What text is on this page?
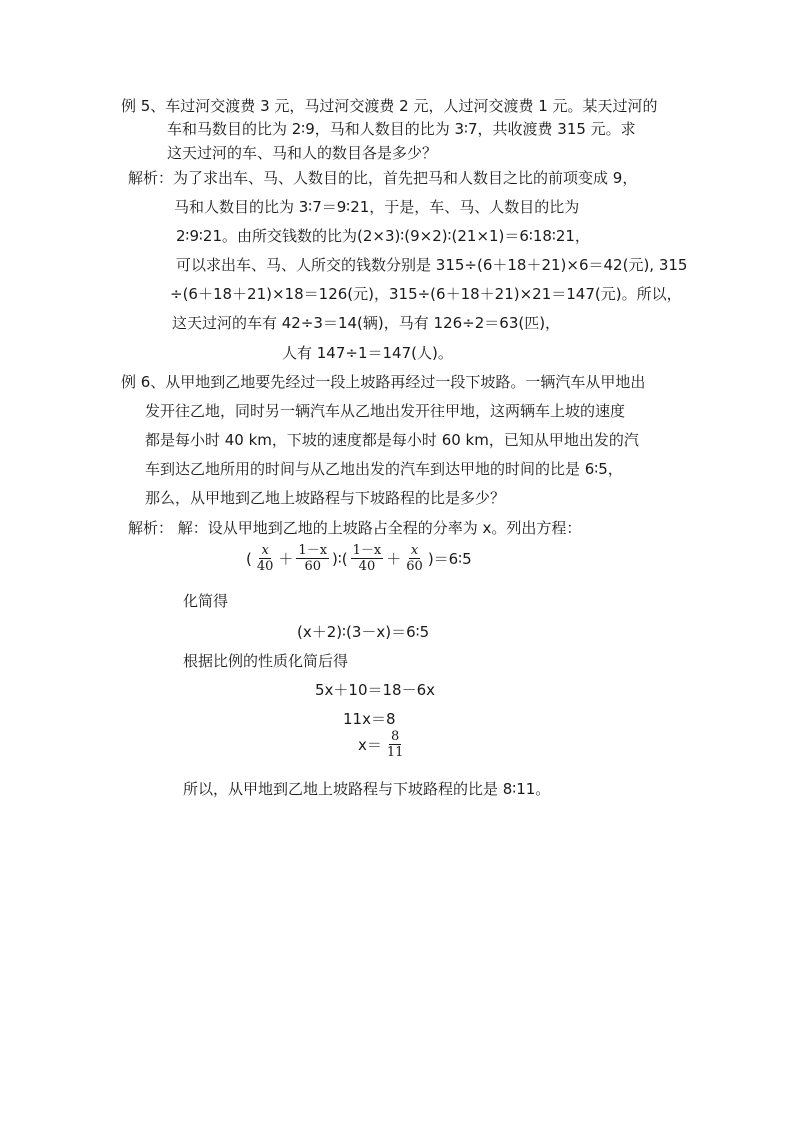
例 5、车过河交渡费 3 元，马过河交渡费 2 元，人过河交渡费 1 元。某天过河的
车和马数目的比为 2∶9，马和人数目的比为 3∶7，共收渡费 315 元。求
这天过河的车、马和人的数目各是多少？
解析：为了求出车、马、人数目的比，首先把马和人数目之比的前项变成 9，
马和人数目的比为 3∶7＝9∶21，于是，车、马、人数目的比为
2∶9∶21。由所交钱数的比为(2×3)∶(9×2)∶(21×1)＝6∶18∶21，
可以求出车、马、人所交的钱数分别是 315÷(6＋18＋21)×6＝42(元), 315
÷(6＋18＋21)×18＝126(元)，315÷(6＋18＋21)×21＝147(元)。所以，
这天过河的车有 42÷3＝14(辆)，马有 126÷2＝63(匹)，
人有 147÷1＝147(人)。
例 6、从甲地到乙地要先经过一段上坡路再经过一段下坡路。一辆汽车从甲地出
发开往乙地，同时另一辆汽车从乙地出发开往甲地，这两辆车上坡的速度
都是每小时 40 km，下坡的速度都是每小时 60 km，已知从甲地出发的汽
车到达乙地所用的时间与从乙地出发的汽车到达甲地的时间的比是 6∶5，
那么，从甲地到乙地上坡路程与下坡路程的比是多少？
解析： 解：设从甲地到乙地的上坡路占全程的分率为 x。列出方程：
( $\frac{x}{40} + \frac{1-x}{60}$ )∶( $\frac{1-x}{40} + \frac{x}{60}$ )＝6∶5
化简得
(x＋2)∶(3－x)＝6∶5
根据比例的性质化简后得
5x＋10＝18－6x
11x＝8
$x= \frac{8}{11}$
所以，从甲地到乙地上坡路程与下坡路程的比是 8∶11。
